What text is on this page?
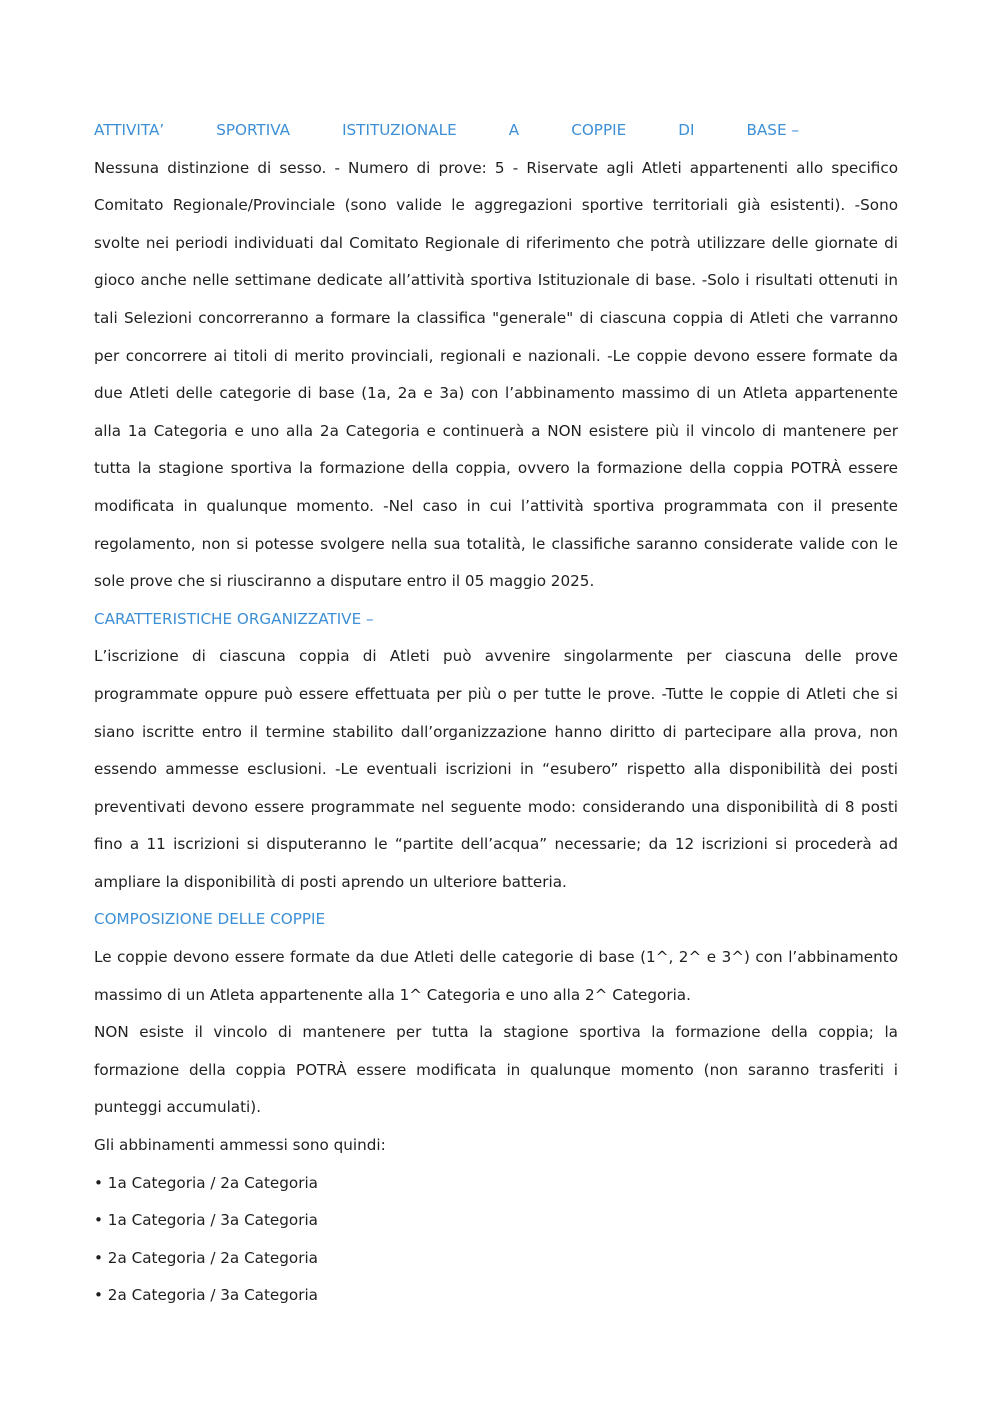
ATTIVITA’	SPORTIVA	ISTITUZIONALE	A	COPPIE	DI	BASE –

Nessuna distinzione di sesso. - Numero di prove: 5 - Riservate agli Atleti appartenenti allo specifico Comitato Regionale/Provinciale (sono valide le aggregazioni sportive territoriali già esistenti). -Sono svolte nei periodi individuati dal Comitato Regionale di riferimento che potrà utilizzare delle giornate di gioco anche nelle settimane dedicate all’attività sportiva Istituzionale di base. -Solo i risultati ottenuti in tali Selezioni concorreranno a formare la classifica "generale" di ciascuna coppia di Atleti che varranno per concorrere ai titoli di merito provinciali, regionali e nazionali. -Le coppie devono essere formate da due Atleti delle categorie di base (1a, 2a e 3a) con l’abbinamento massimo di un Atleta appartenente alla 1a Categoria e uno alla 2a Categoria e continuerà a NON esistere più il vincolo di mantenere per tutta la stagione sportiva la formazione della coppia, ovvero la formazione della coppia POTRÀ essere modificata in qualunque momento. -Nel caso in cui l’attività sportiva programmata con il presente regolamento, non si potesse svolgere nella sua totalità, le classifiche saranno considerate valide con le sole prove che si riusciranno a disputare entro il 05 maggio 2025.

CARATTERISTICHE ORGANIZZATIVE –

L’iscrizione di ciascuna coppia di Atleti può avvenire singolarmente per ciascuna delle prove programmate oppure può essere effettuata per più o per tutte le prove. -Tutte le coppie di Atleti che si siano iscritte entro il termine stabilito dall’organizzazione hanno diritto di partecipare alla prova, non essendo ammesse esclusioni. -Le eventuali iscrizioni in “esubero” rispetto alla disponibilità dei posti preventivati devono essere programmate nel seguente modo: considerando una disponibilità di 8 posti fino a 11 iscrizioni si disputeranno le “partite dell’acqua” necessarie; da 12 iscrizioni si procederà ad ampliare la disponibilità di posti aprendo un ulteriore batteria.

COMPOSIZIONE DELLE COPPIE

Le coppie devono essere formate da due Atleti delle categorie di base (1^, 2^ e 3^) con l’abbinamento massimo di un Atleta appartenente alla 1^ Categoria e uno alla 2^ Categoria.

NON esiste il vincolo di mantenere per tutta la stagione sportiva la formazione della coppia; la formazione della coppia POTRÀ essere modificata in qualunque momento (non saranno trasferiti i punteggi accumulati).

Gli abbinamenti ammessi sono quindi:

• 1a Categoria / 2a Categoria

• 1a Categoria / 3a Categoria

• 2a Categoria / 2a Categoria

• 2a Categoria / 3a Categoria
